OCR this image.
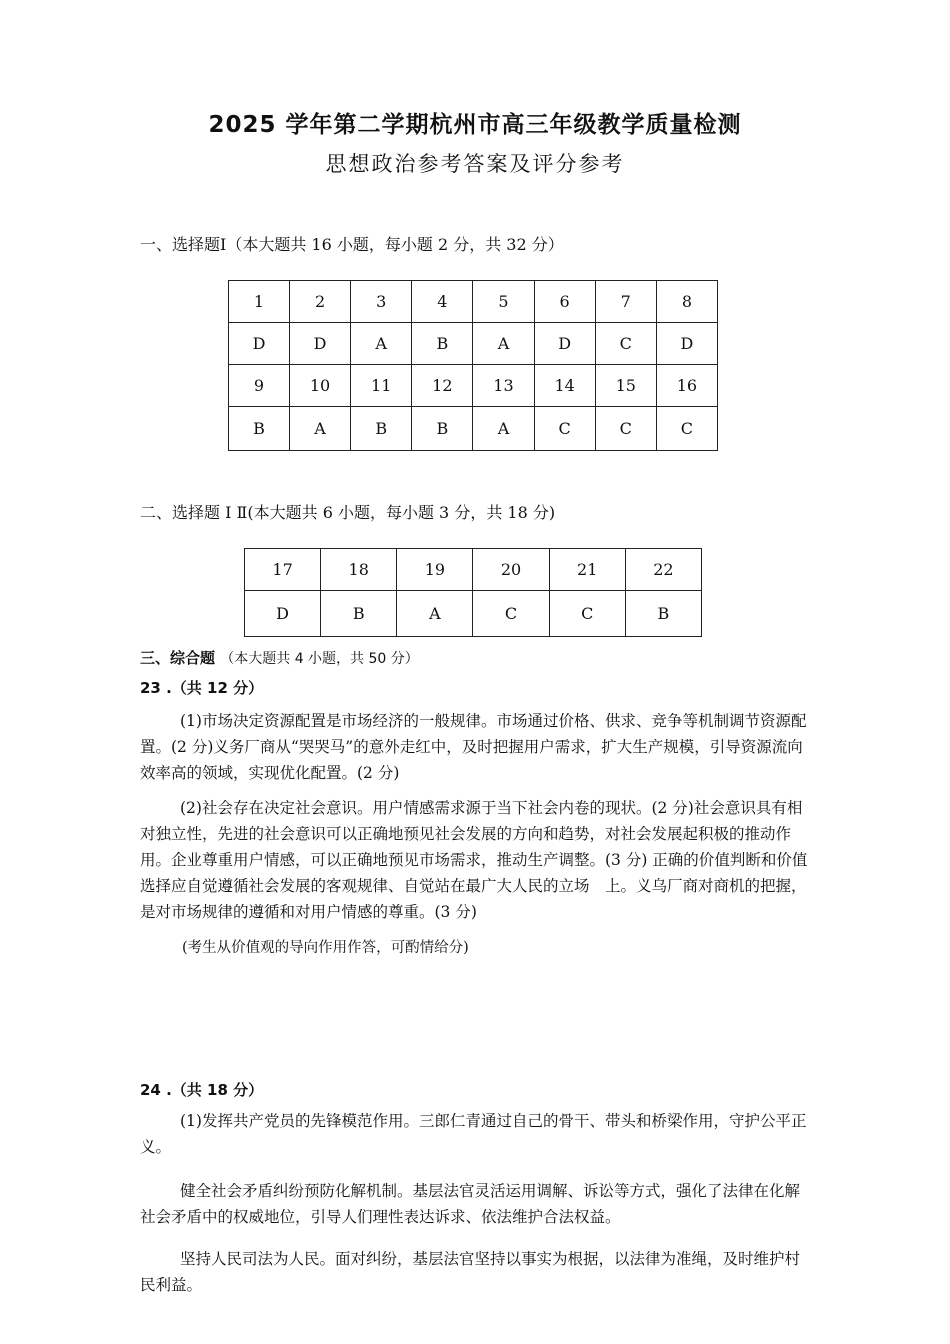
2025 学年第二学期杭州市高三年级教学质量检测
思想政治参考答案及评分参考
一、选择题Ⅰ（本大题共 16 小题，每小题 2 分，共 32 分）
1	2	3	4	5	6	7	8
D	D	A	B	A	D	C	D
9	10	11	12	13	14	15	16
B	A	B	B	A	C	C	C
二、选择题 I Ⅱ(本大题共 6 小题，每小题 3 分，共 18 分)
17	18	19	20	21	22
D	B	A	C	C	B
三、综合题 （本大题共 4 小题，共 50 分）
23 .（共 12 分）

(1)市场决定资源配置是市场经济的一般规律。市场通过价格、供求、竞争等机制调节资源配置。(2 分)义务厂商从“哭哭马”的意外走红中，及时把握用户需求，扩大生产规模，引导资源流向效率高的领域，实现优化配置。(2 分)

(2)社会存在决定社会意识。用户情感需求源于当下社会内卷的现状。(2 分)社会意识具有相对独立性，先进的社会意识可以正确地预见社会发展的方向和趋势，对社会发展起积极的推动作用。企业尊重用户情感，可以正确地预见市场需求，推动生产调整。(3 分) 正确的价值判断和价值选择应自觉遵循社会发展的客观规律、自觉站在最广大人民的立场　上。义乌厂商对商机的把握，是对市场规律的遵循和对用户情感的尊重。(3 分)

(考生从价值观的导向作用作答，可酌情给分)
24 .（共 18 分）

(1)发挥共产党员的先锋模范作用。三郎仁青通过自己的骨干、带头和桥梁作用，守护公平正义。

健全社会矛盾纠纷预防化解机制。基层法官灵活运用调解、诉讼等方式，强化了法律在化解社会矛盾中的权威地位，引导人们理性表达诉求、依法维护合法权益。

坚持人民司法为人民。面对纠纷，基层法官坚持以事实为根据，以法律为准绳，及时维护村民利益。
